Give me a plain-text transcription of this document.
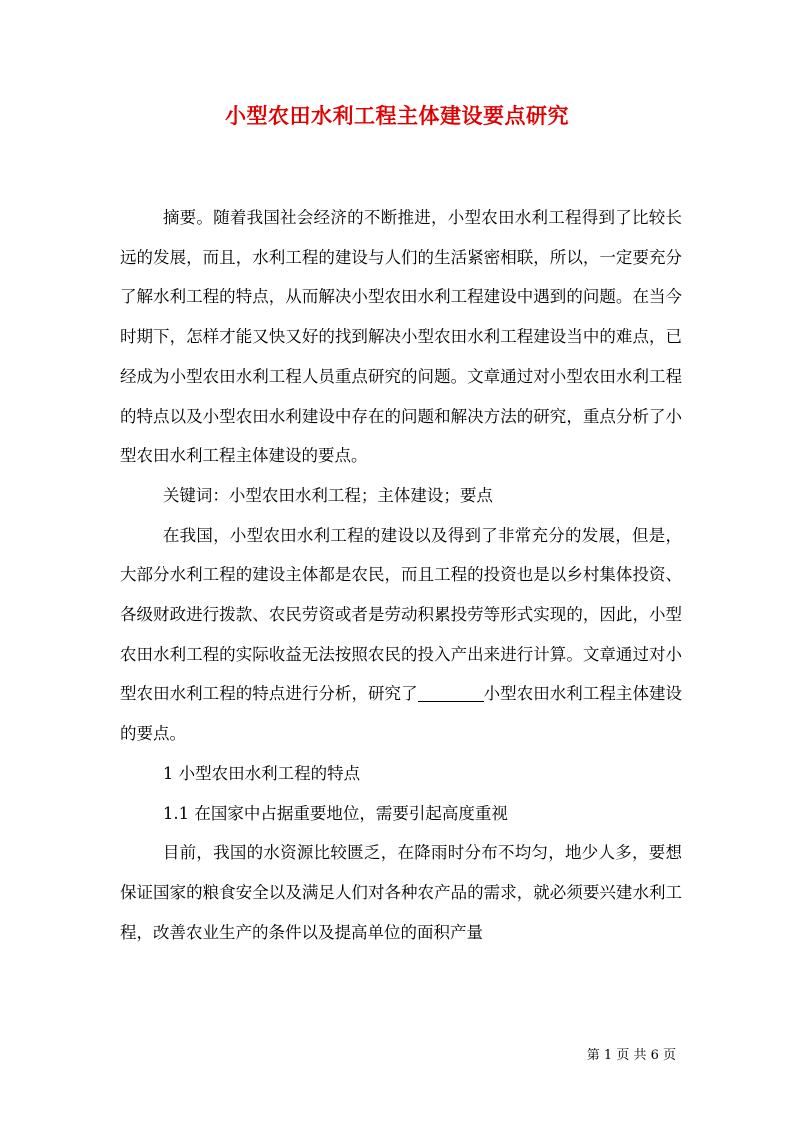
小型农田水利工程主体建设要点研究

摘要。随着我国社会经济的不断推进，小型农田水利工程得到了比较长远的发展，而且，水利工程的建设与人们的生活紧密相联，所以，一定要充分了解水利工程的特点，从而解决小型农田水利工程建设中遇到的问题。在当今时期下，怎样才能又快又好的找到解决小型农田水利工程建设当中的难点，已经成为小型农田水利工程人员重点研究的问题。文章通过对小型农田水利工程的特点以及小型农田水利建设中存在的问题和解决方法的研究，重点分析了小型农田水利工程主体建设的要点。

关键词：小型农田水利工程；主体建设；要点

在我国，小型农田水利工程的建设以及得到了非常充分的发展，但是，大部分水利工程的建设主体都是农民，而且工程的投资也是以乡村集体投资、各级财政进行拨款、农民劳资或者是劳动积累投劳等形式实现的，因此，小型农田水利工程的实际收益无法按照农民的投入产出来进行计算。文章通过对小型农田水利工程的特点进行分析，研究了	小型农田水利工程主体建设的要点。

1 小型农田水利工程的特点

1.1 在国家中占据重要地位，需要引起高度重视

目前，我国的水资源比较匮乏，在降雨时分布不均匀，地少人多，要想保证国家的粮食安全以及满足人们对各种农产品的需求，就必须要兴建水利工程，改善农业生产的条件以及提高单位的面积产量

第 1 页 共 6 页
